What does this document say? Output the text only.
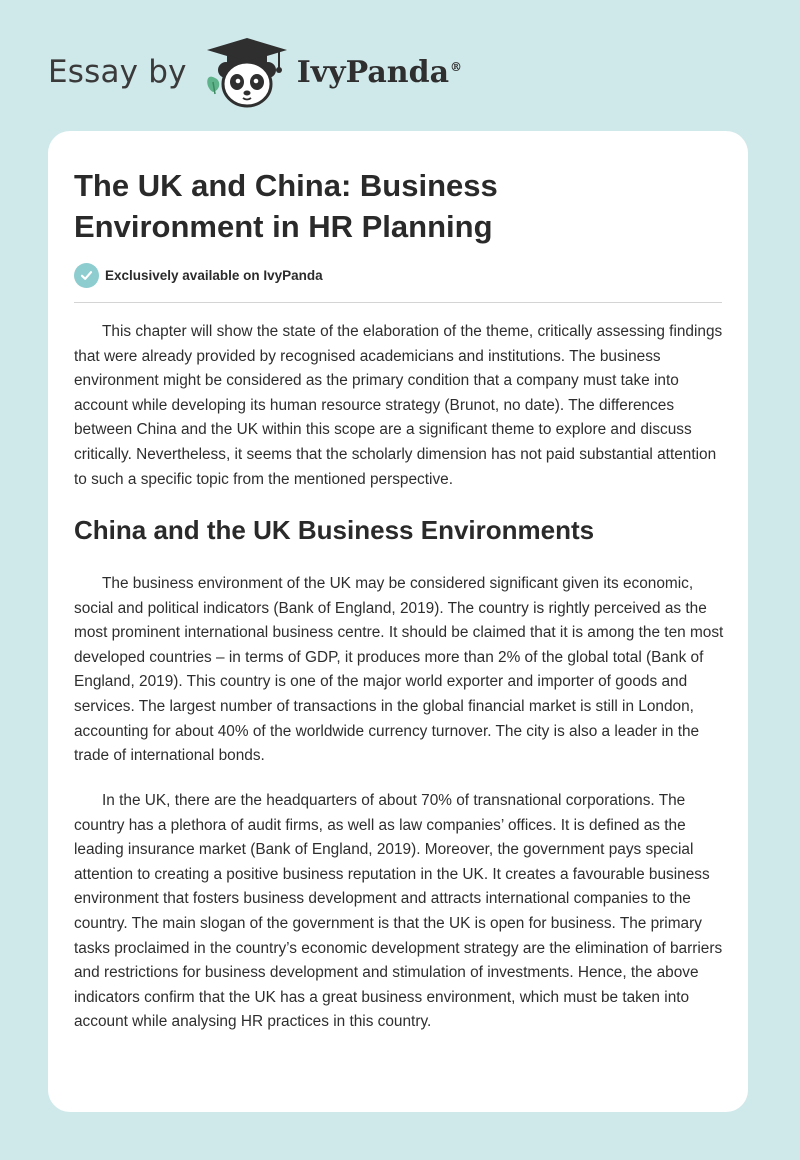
Essay by	IvyPanda®
The UK and China: Business Environment in HR Planning
Exclusively available on IvyPanda

This chapter will show the state of the elaboration of the theme, critically assessing findings that were already provided by recognised academicians and institutions. The business environment might be considered as the primary condition that a company must take into account while developing its human resource strategy (Brunot, no date). The differences between China and the UK within this scope are a significant theme to explore and discuss critically. Nevertheless, it seems that the scholarly dimension has not paid substantial attention to such a specific topic from the mentioned perspective.

China and the UK Business Environments

The business environment of the UK may be considered significant given its economic, social and political indicators (Bank of England, 2019). The country is rightly perceived as the most prominent international business centre. It should be claimed that it is among the ten most developed countries – in terms of GDP, it produces more than 2% of the global total (Bank of England, 2019). This country is one of the major world exporter and importer of goods and services. The largest number of transactions in the global financial market is still in London, accounting for about 40% of the worldwide currency turnover. The city is also a leader in the trade of international bonds.

In the UK, there are the headquarters of about 70% of transnational corporations. The country has a plethora of audit firms, as well as law companies’ offices. It is defined as the leading insurance market (Bank of England, 2019). Moreover, the government pays special attention to creating a positive business reputation in the UK. It creates a favourable business environment that fosters business development and attracts international companies to the country. The main slogan of the government is that the UK is open for business. The primary tasks proclaimed in the country’s economic development strategy are the elimination of barriers and restrictions for business development and stimulation of investments. Hence, the above indicators confirm that the UK has a great business environment, which must be taken into account while analysing HR practices in this country.
